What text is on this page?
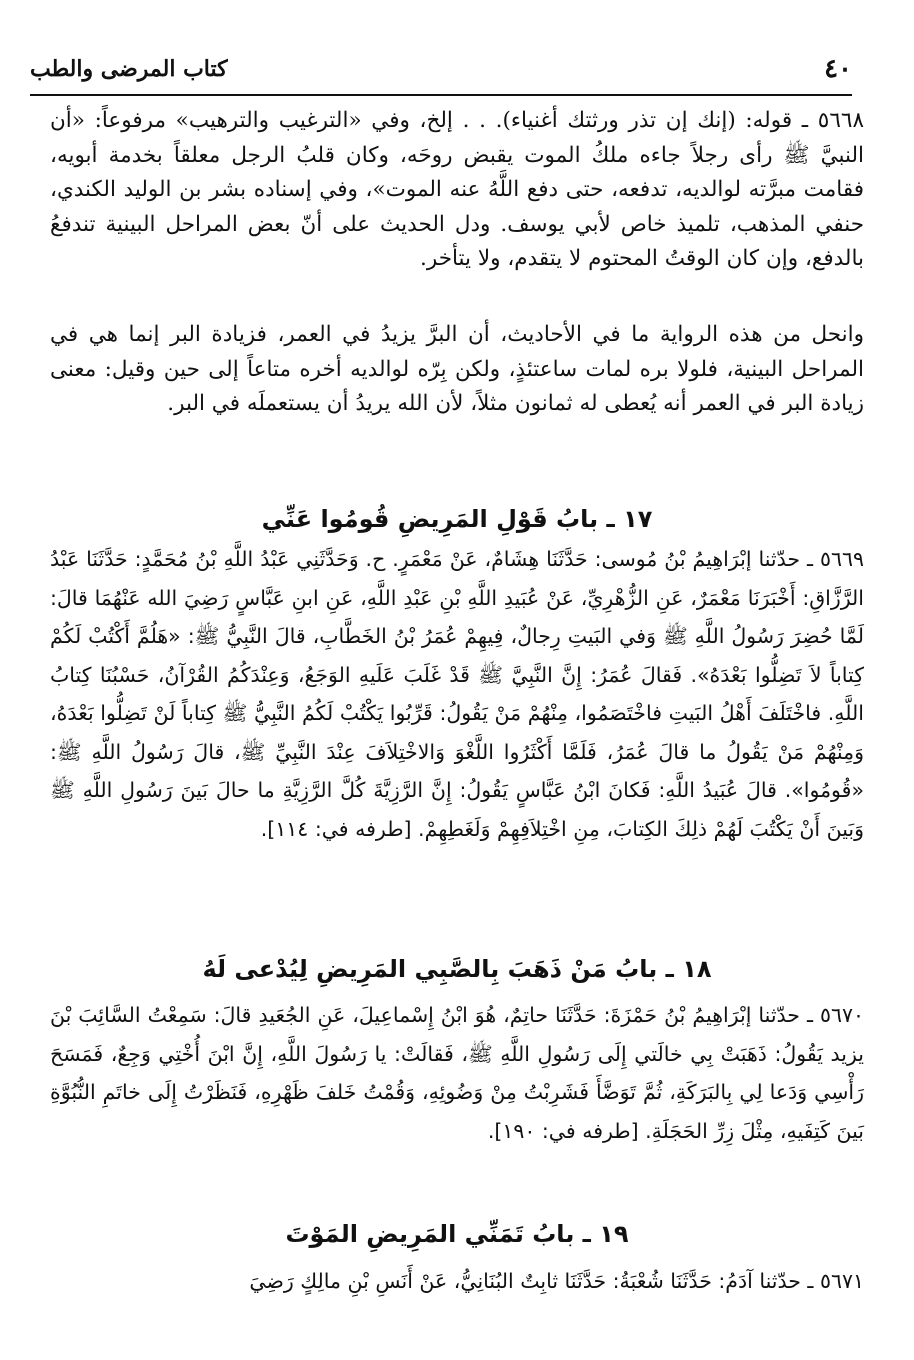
٤٠
كتاب المرضى والطب

٥٦٦٨ ـ قوله: (إنك إن تذر ورثتك أغنياء). . . إلخ، وفي «الترغيب والترهيب» مرفوعاً: «أن النبيَّ ﷺ رأى رجلاً جاءه ملكُ الموت يقبض روحَه، وكان قلبُ الرجل معلقاً بخدمة أبويه، فقامت مبرَّته لوالديه، تدفعه، حتى دفع اللَّهُ عنه الموت»، وفي إسناده بشر بن الوليد الكندي، حنفي المذهب، تلميذ خاص لأبي يوسف. ودل الحديث على أنّ بعض المراحل البينية تندفعُ بالدفع، وإن كان الوقتُ المحتوم لا يتقدم، ولا يتأخر.

وانحل من هذه الرواية ما في الأحاديث، أن البرَّ يزيدُ في العمر، فزيادة البر إنما هي في المراحل البينية، فلولا بره لمات ساعتئذٍ، ولكن بِرّه لوالديه أخره متاعاً إلى حين وقيل: معنى زيادة البر في العمر أنه يُعطى له ثمانون مثلاً، لأن الله يريدُ أن يستعملَه في البر.

١٧ ـ بابُ قَوْلِ المَرِيضِ قُومُوا عَنِّي

٥٦٦٩ ـ حدّثنا إبْرَاهِيمُ بْنُ مُوسى: حَدَّثَنَا هِشَامٌ، عَنْ مَعْمَرٍ. ح. وَحَدَّثَنِي عَبْدُ اللَّهِ بْنُ مُحَمَّدٍ: حَدَّثَنَا عَبْدُ الرَّزَّاقِ: أَخْبَرَنَا مَعْمَرٌ، عَنِ الزُّهْرِيِّ، عَنْ عُبَيدِ اللَّهِ بْنِ عَبْدِ اللَّهِ، عَنِ ابنِ عَبَّاسٍ رَضِيَ الله عَنْهُمَا قالَ: لَمَّا حُضِرَ رَسُولُ اللَّهِ ﷺ وَفي البَيتِ رِجالٌ، فِيهِمْ عُمَرُ بْنُ الخَطَّابِ، قالَ النَّبِيُّ ﷺ: «هَلُمَّ أَكْتُبْ لَكُمْ كِتاباً لاَ تَضِلُّوا بَعْدَهُ». فَقالَ عُمَرُ: إِنَّ النَّبِيَّ ﷺ قَدْ غَلَبَ عَلَيهِ الوَجَعُ، وَعِنْدَكُمُ القُرْآنُ، حَسْبُنَا كِتابُ اللَّهِ. فاخْتَلَفَ أَهْلُ البَيتِ فاخْتَصَمُوا، مِنْهُمْ مَنْ يَقُولُ: قَرِّبُوا يَكْتُبْ لَكُمُ النَّبِيُّ ﷺ كِتاباً لَنْ تَضِلُّوا بَعْدَهُ، وَمِنْهُمْ مَنْ يَقُولُ ما قالَ عُمَرُ، فَلَمَّا أَكْثَرُوا اللَّغْوَ وَالاخْتِلاَفَ عِنْدَ النَّبِيِّ ﷺ، قالَ رَسُولُ اللَّهِ ﷺ: «قُومُوا». قالَ عُبَيدُ اللَّهِ: فَكانَ ابْنُ عَبَّاسٍ يَقُولُ: إِنَّ الرَّزِيَّةَ كُلَّ الرَّزِيَّةِ ما حالَ بَينَ رَسُولِ اللَّهِ ﷺ وَبَينَ أَنْ يَكْتُبَ لَهُمْ ذلِكَ الكِتابَ، مِنِ اخْتِلاَفِهِمْ وَلَغَطِهِمْ. [طرفه في: ١١٤].

١٨ ـ بابُ مَنْ ذَهَبَ بِالصَّبِي المَرِيضِ لِيُدْعى لَهُ

٥٦٧٠ ـ حدّثنا إبْرَاهِيمُ بْنُ حَمْزَةَ: حَدَّثَنَا حاتِمٌ، هُوَ ابْنُ إِسْماعِيلَ، عَنِ الجُعَيدِ قالَ: سَمِعْتُ السَّائِبَ بْنَ يزيد يَقُولُ: ذَهَبَتْ بِي خالَتي إِلَى رَسُولِ اللَّهِ ﷺ، فَقالَتْ: يا رَسُولَ اللَّهِ، إِنَّ ابْنَ أُخْتِي وَجِعٌ، فَمَسَحَ رَأْسِي وَدَعا لِي بِالبَرَكَةِ، ثُمَّ تَوَضَّأَ فَشَرِبْتُ مِنْ وَضُوئِهِ، وَقُمْتُ خَلفَ ظَهْرِهِ، فَنَظَرْتُ إِلَى خاتَمِ النُّبُوَّةِ بَينَ كَتِفَيهِ، مِثْلَ زِرِّ الحَجَلَةِ. [طرفه في: ١٩٠].

١٩ ـ بابُ تَمَنِّي المَرِيضِ المَوْتَ

٥٦٧١ ـ حدّثنا آدَمُ: حَدَّثَنَا شُعْبَةُ: حَدَّثَنَا ثابِتٌ البُنَانِيُّ، عَنْ أَنَسِ بْنِ مالِكٍ رَضِيَ
